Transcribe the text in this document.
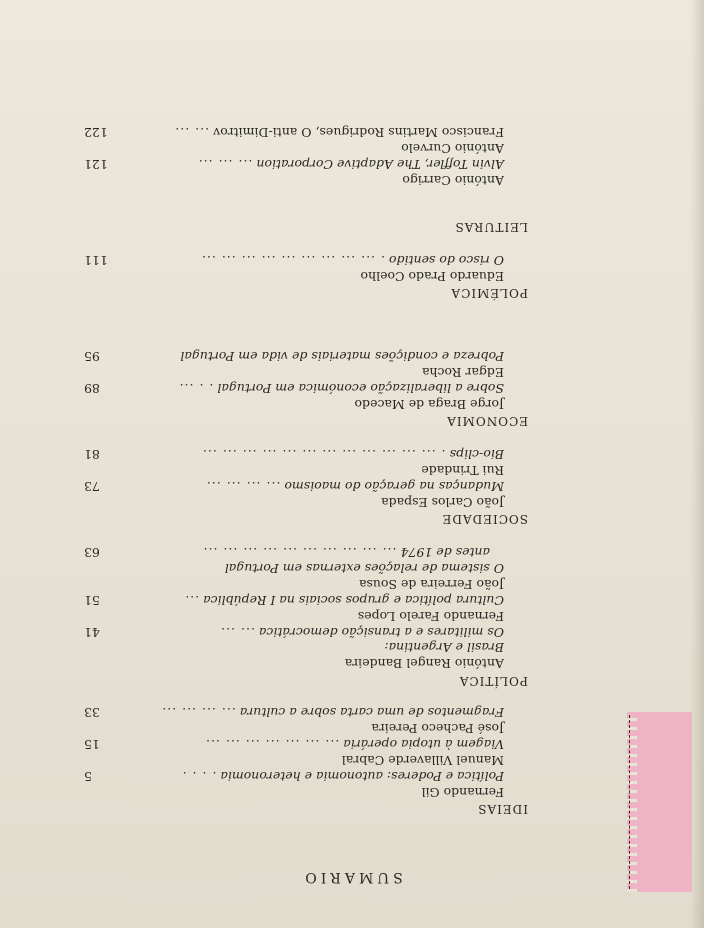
SUMARIO
IDEIAS
Fernando Gil
Política e Poderes: autonomia e heteronomia . . . .
5
Manuel Villaverde Cabral
Viagem à utopia operária ... ... ... ... ... ... ...
15
José Pacheco Pereira
Fragmentos de uma carta sobre a cultura ... ... ... ...
33
POLÍTICA
António Rangel Bandeira
Brasil e Argentina:
Os militares e a transição democrática ... ...
41
Fernando Farelo Lopes
Cultura política e grupos sociais na I República ...
51
João Ferreira de Sousa
O sistema de relações externas em Portugal
antes de 1974 ... ... ... ... ... ... ... ... ... ...
63
SOCIEDADE
João Carlos Espada
Mudanças na geração do maoismo ... ... ... ...
73
Rui Trindade
Bio-clips . ... ... ... ... ... ... ... ... ... ... ... ...
81
ECONOMIA
Jorge Braga de Macedo
Sobre a liberalização económica em Portugal . . ...
89
Edgar Rocha
Pobreza e condições materiais de vida em Portugal
95
POLÉMICA
Eduardo Prado Coelho
O risco do sentido . ... ... ... ... ... ... ... ... ...
111
LEITURAS
António Carrigo
Alvin Toffler, The Adaptive Corporation ... ... ...
121
António Curvelo
Francisco Martins Rodrigues, O anti-Dimitrov ... ...
122
